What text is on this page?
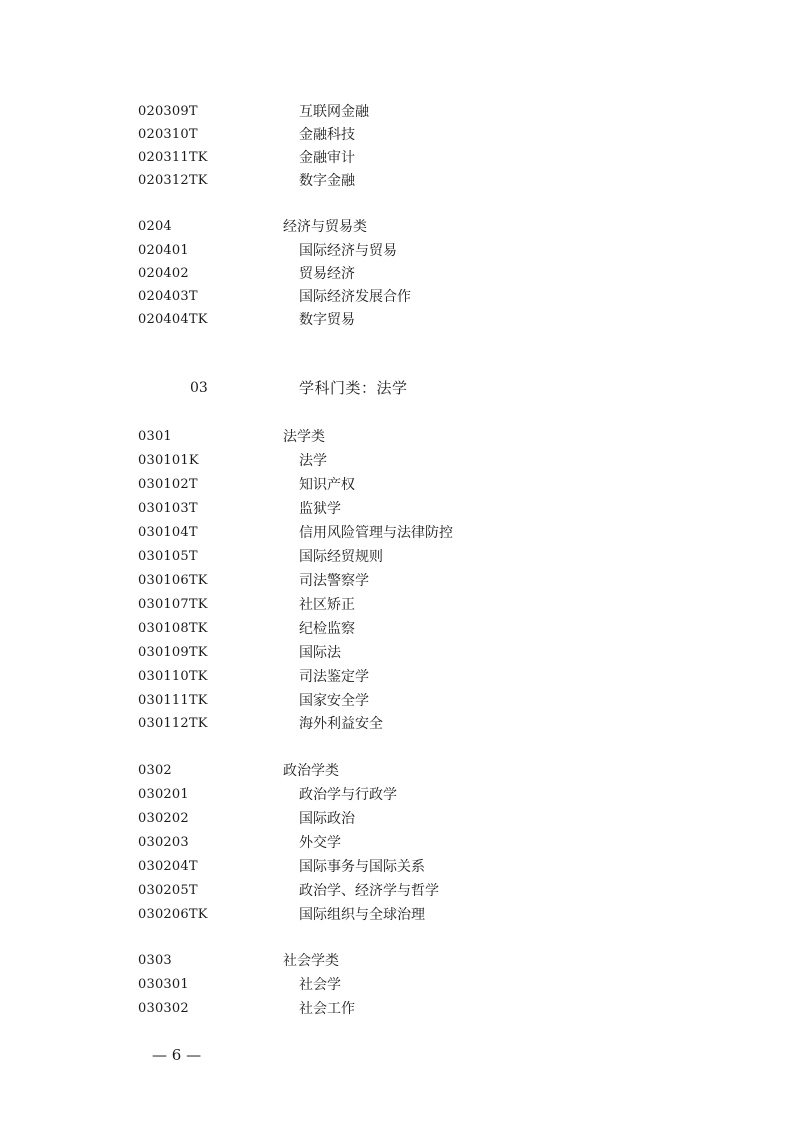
020309T	互联网金融
020310T	金融科技
020311TK	金融审计
020312TK	数字金融
0204	经济与贸易类
020401	国际经济与贸易
020402	贸易经济
020403T	国际经济发展合作
020404TK	数字贸易
03	学科门类：法学
0301	法学类
030101K	法学
030102T	知识产权
030103T	监狱学
030104T	信用风险管理与法律防控
030105T	国际经贸规则
030106TK	司法警察学
030107TK	社区矫正
030108TK	纪检监察
030109TK	国际法
030110TK	司法鉴定学
030111TK	国家安全学
030112TK	海外利益安全
0302	政治学类
030201	政治学与行政学
030202	国际政治
030203	外交学
030204T	国际事务与国际关系
030205T	政治学、经济学与哲学
030206TK	国际组织与全球治理
0303	社会学类
030301	社会学
030302	社会工作
— 6 —
